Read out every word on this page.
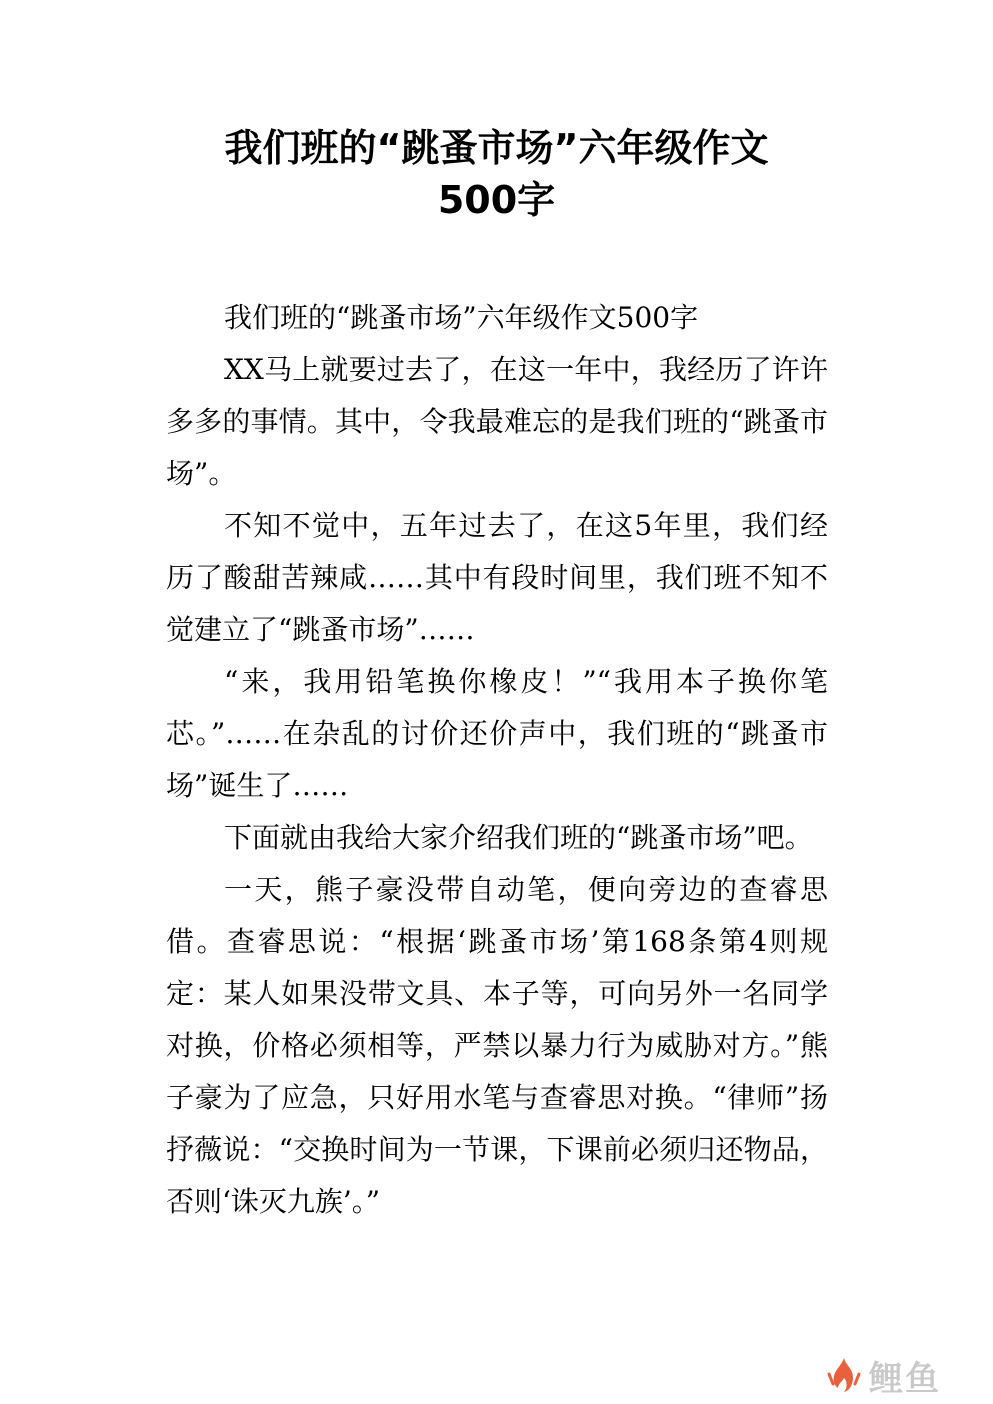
我们班的“跳蚤市场”六年级作文
500字

我们班的“跳蚤市场”六年级作文500字

XX马上就要过去了，在这一年中，我经历了许许多多的事情。其中，令我最难忘的是我们班的“跳蚤市场”。

不知不觉中，五年过去了，在这5年里，我们经历了酸甜苦辣咸……其中有段时间里，我们班不知不觉建立了“跳蚤市场”……

“来，我用铅笔换你橡皮！”“我用本子换你笔芯。”……在杂乱的讨价还价声中，我们班的“跳蚤市场”诞生了……

下面就由我给大家介绍我们班的“跳蚤市场”吧。

一天，熊子豪没带自动笔，便向旁边的查睿思借。查睿思说：“根据‘跳蚤市场’第168条第4则规定：某人如果没带文具、本子等，可向另外一名同学对换，价格必须相等，严禁以暴力行为威胁对方。”熊子豪为了应急，只好用水笔与查睿思对换。“律师”扬抒薇说：“交换时间为一节课，下课前必须归还物品，否则‘诛灭九族’。”

鲤鱼
